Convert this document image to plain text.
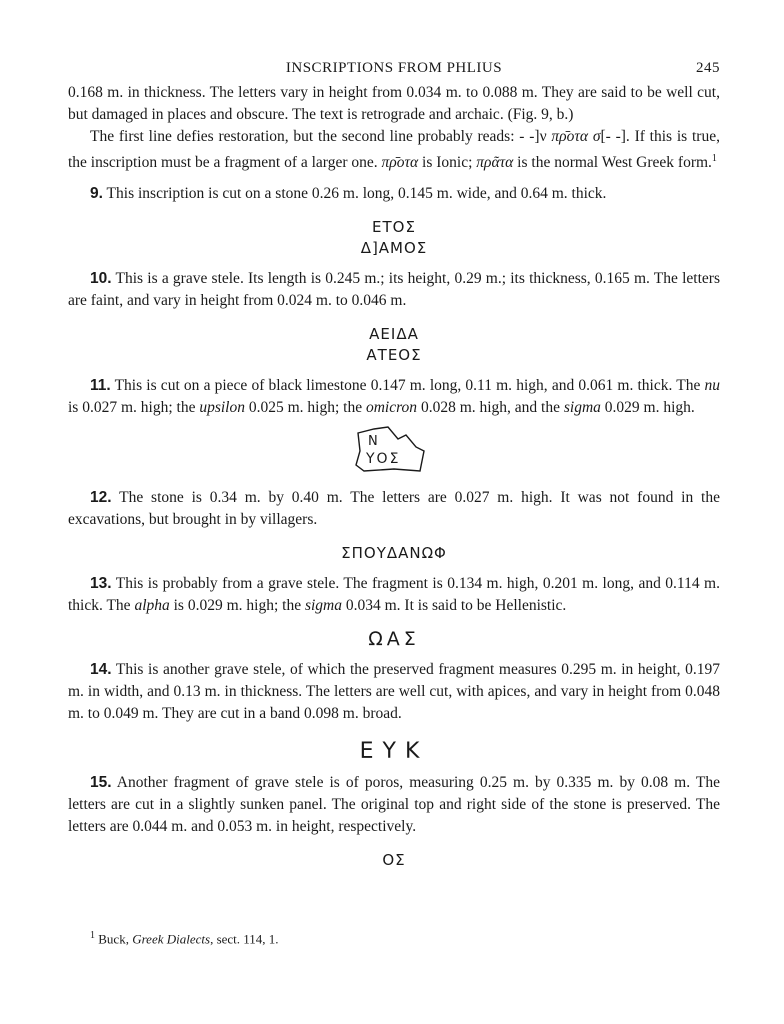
INSCRIPTIONS FROM PHLIUS	245

0.168 m. in thickness. The letters vary in height from 0.034 m. to 0.088 m. They are said to be well cut, but damaged in places and obscure. The text is retrograde and archaic. (Fig. 9, b.)

The first line defies restoration, but the second line probably reads: - -]ν πρ̄οτα σ[- -]. If this is true, the inscription must be a fragment of a larger one. πρ̄οτα is Ionic; πρᾶτα is the normal West Greek form.$^1$

9. This inscription is cut on a stone 0.26 m. long, 0.145 m. wide, and 0.64 m. thick.

ΕΤΟΣ
Δ]ΑΜΟΣ

10. This is a grave stele. Its length is 0.245 m.; its height, 0.29 m.; its thickness, 0.165 m. The letters are faint, and vary in height from 0.024 m. to 0.046 m.

ΑΕΙΔΑ
ΑΤΕΟΣ

11. This is cut on a piece of black limestone 0.147 m. long, 0.11 m. high, and 0.061 m. thick. The nu is 0.027 m. high; the upsilon 0.025 m. high; the omicron 0.028 m. high, and the sigma 0.029 m. high.

Ν
ΥΟΣ

12. The stone is 0.34 m. by 0.40 m. The letters are 0.027 m. high. It was not found in the excavations, but brought in by villagers.

ΣΠΟΥΔΑΝΩΦ

13. This is probably from a grave stele. The fragment is 0.134 m. high, 0.201 m. long, and 0.114 m. thick. The alpha is 0.029 m. high; the sigma 0.034 m. It is said to be Hellenistic.

ΩΑΣ

14. This is another grave stele, of which the preserved fragment measures 0.295 m. in height, 0.197 m. in width, and 0.13 m. in thickness. The letters are well cut, with apices, and vary in height from 0.048 m. to 0.049 m. They are cut in a band 0.098 m. broad.

ΕΥΚ

15. Another fragment of grave stele is of poros, measuring 0.25 m. by 0.335 m. by 0.08 m. The letters are cut in a slightly sunken panel. The original top and right side of the stone is preserved. The letters are 0.044 m. and 0.053 m. in height, respectively.

ΟΣ
$^1$ Buck, Greek Dialects, sect. 114, 1.
